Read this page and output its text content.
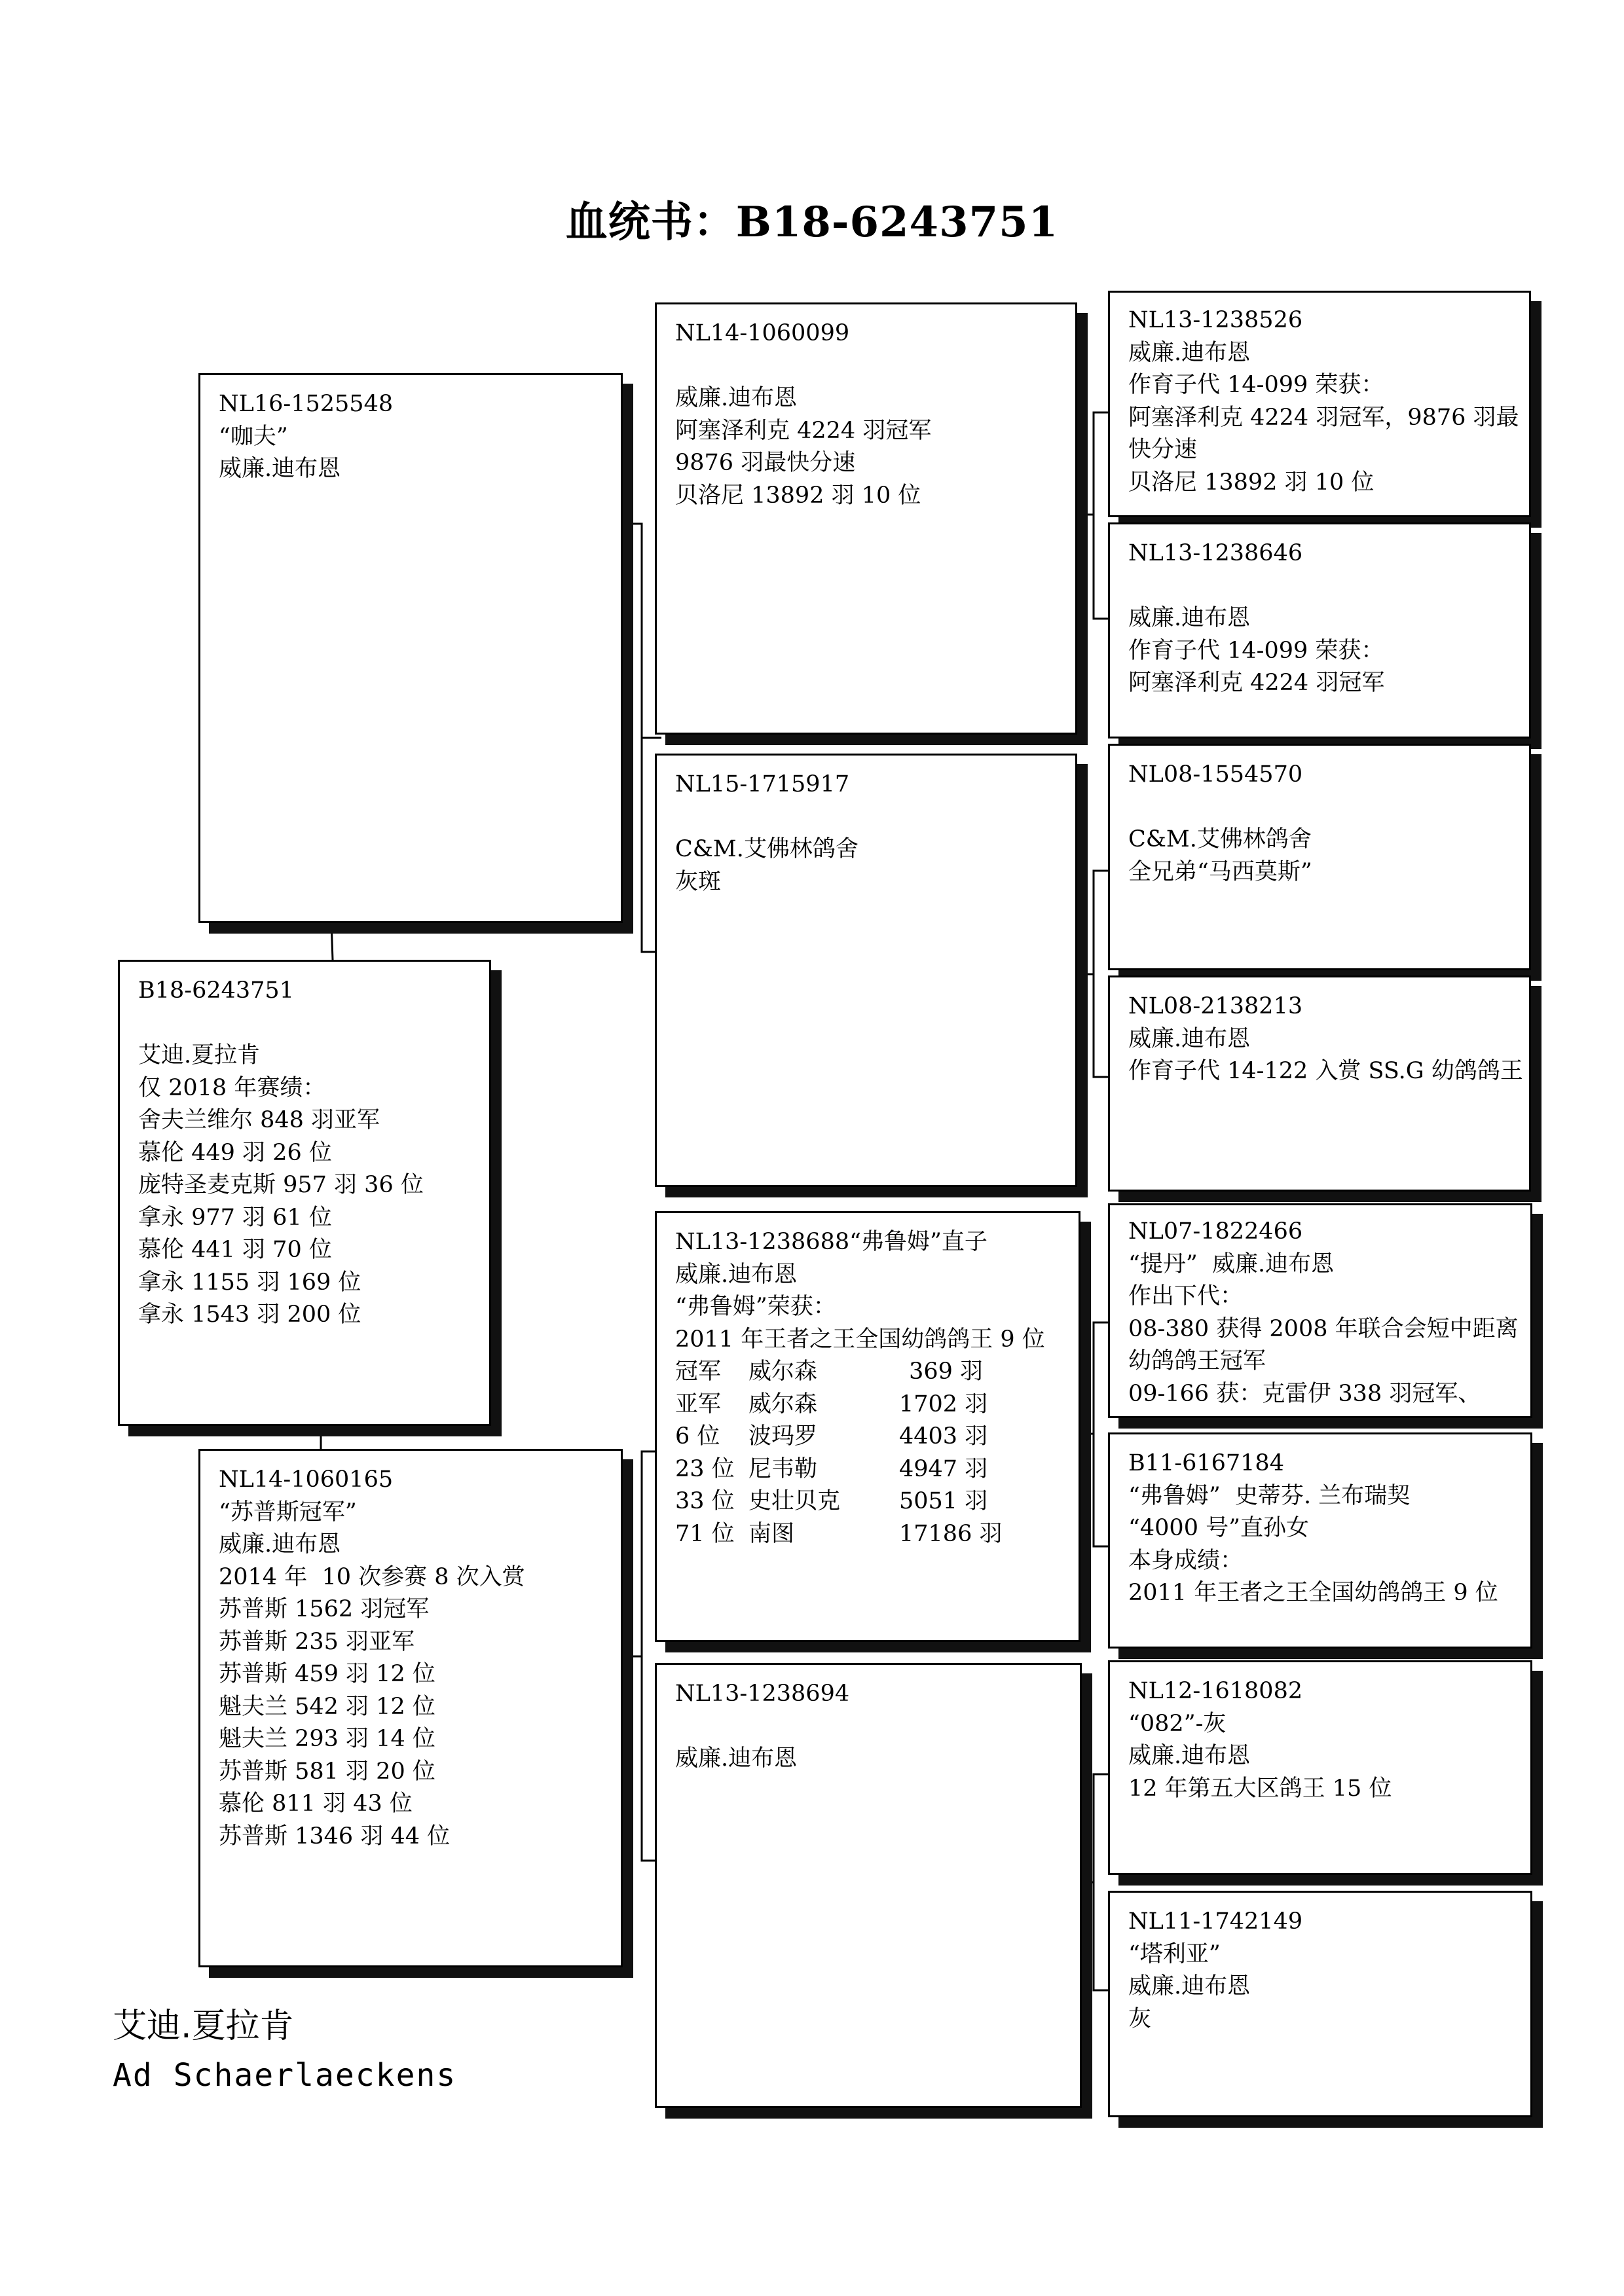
血统书：B18-6243751
B18-6243751
艾迪.夏拉肯
仅 2018 年赛绩：
舍夫兰维尔 848 羽亚军
慕伦 449 羽 26 位
庞特圣麦克斯 957 羽 36 位
拿永 977 羽 61 位
慕伦 441 羽 70 位
拿永 1155 羽 169 位
拿永 1543 羽 200 位
NL16-1525548
“咖夫”
威廉.迪布恩
NL14-1060165
“苏普斯冠军”
威廉.迪布恩
2014 年  10 次参赛 8 次入赏
苏普斯 1562 羽冠军
苏普斯 235 羽亚军
苏普斯 459 羽 12 位
魁夫兰 542 羽 12 位
魁夫兰 293 羽 14 位
苏普斯 581 羽 20 位
慕伦 811 羽 43 位
苏普斯 1346 羽 44 位
NL14-1060099
威廉.迪布恩
阿塞泽利克 4224 羽冠军
9876 羽最快分速
贝洛尼 13892 羽 10 位
NL15-1715917
C&M.艾佛林鸽舍
灰斑
NL13-1238688“弗鲁姆”直子
威廉.迪布恩
“弗鲁姆”荣获：
2011 年王者之王全国幼鸽鸽王 9 位
冠军	威尔森	369 羽
亚军	威尔森	1702 羽
6 位	波玛罗	4403 羽
23 位 尼韦勒	4947 羽
33 位 史壮贝克	5051 羽
71 位 南图	17186 羽
NL13-1238694
威廉.迪布恩
NL13-1238526
威廉.迪布恩
作育子代 14-099 荣获：
阿塞泽利克 4224 羽冠军，9876 羽最
快分速
贝洛尼 13892 羽 10 位
NL13-1238646
威廉.迪布恩
作育子代 14-099 荣获：
阿塞泽利克 4224 羽冠军
NL08-1554570
C&M.艾佛林鸽舍
全兄弟“马西莫斯”
NL08-2138213
威廉.迪布恩
作育子代 14-122 入赏 SS.G 幼鸽鸽王
NL07-1822466
“提丹”  威廉.迪布恩
作出下代：
08-380 获得 2008 年联合会短中距离
幼鸽鸽王冠军
09-166 获：克雷伊 338 羽冠军、
B11-6167184
“弗鲁姆”  史蒂芬. 兰布瑞契
“4000 号”直孙女
本身成绩：
2011 年王者之王全国幼鸽鸽王 9 位
NL12-1618082
“082”-灰
威廉.迪布恩
12 年第五大区鸽王 15 位
NL11-1742149
“塔利亚”
威廉.迪布恩
灰
艾迪.夏拉肯
Ad Schaerlaeckens
